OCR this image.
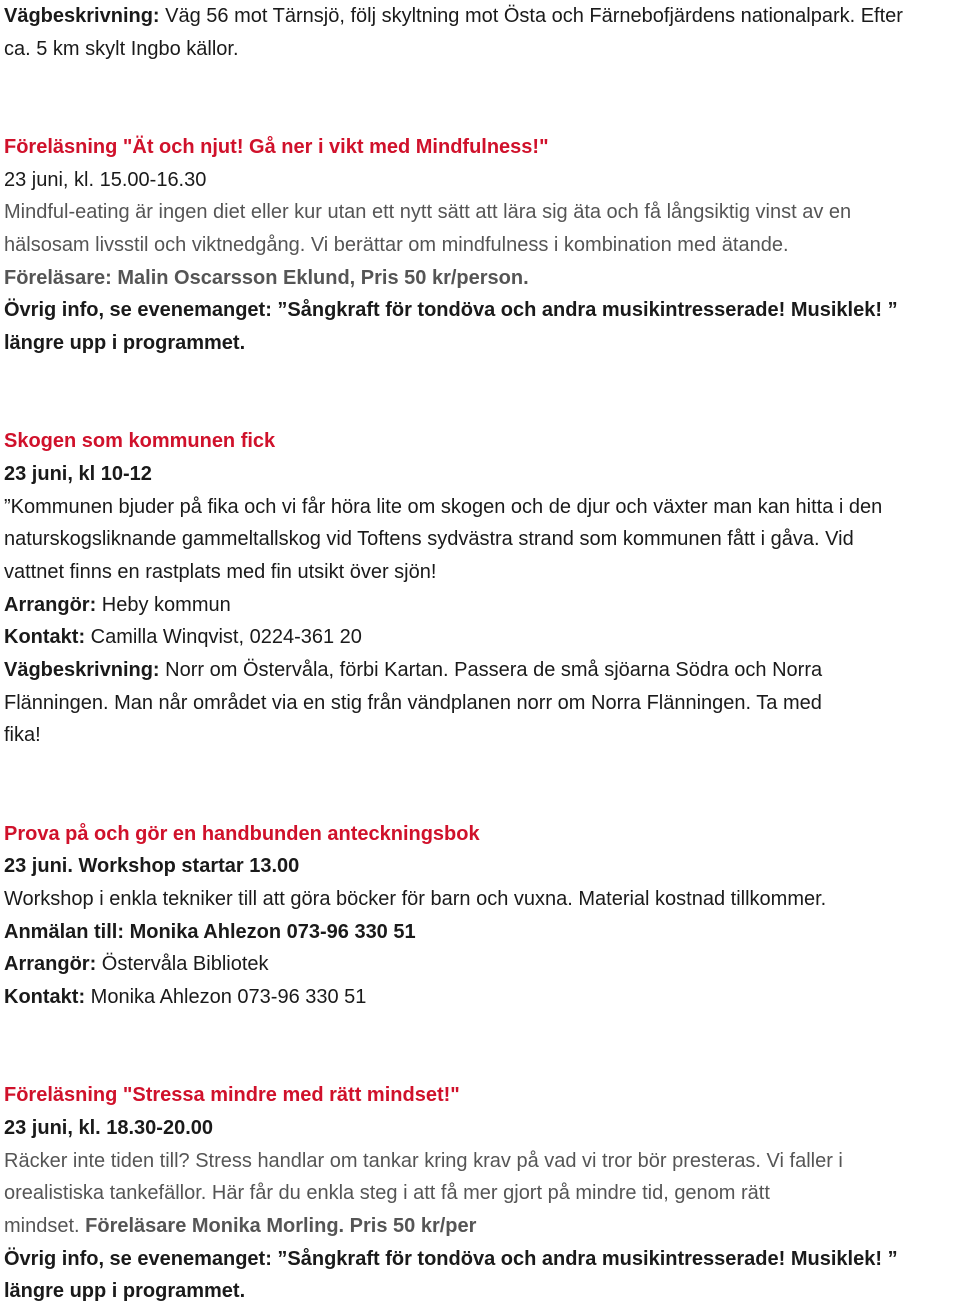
Vägbeskrivning: Väg 56 mot Tärnsjö, följ skyltning mot Östa och Färnebofjärdens nationalpark. Efter
ca. 5 km skylt Ingbo källor.
Föreläsning "Ät och njut! Gå ner i vikt med Mindfulness!"
23 juni, kl. 15.00-16.30
Mindful-eating är ingen diet eller kur utan ett nytt sätt att lära sig äta och få långsiktig vinst av en
hälsosam livsstil och viktnedgång. Vi berättar om mindfulness i kombination med ätande.
Föreläsare: Malin Oscarsson Eklund, Pris 50 kr/person.
Övrig info, se evenemanget: ”Sångkraft för tondöva och andra musikintresserade! Musiklek! ”
längre upp i programmet.
Skogen som kommunen fick
23 juni, kl 10-12
”Kommunen bjuder på fika och vi får höra lite om skogen och de djur och växter man kan hitta i den
naturskogsliknande gammeltallskog vid Toftens sydvästra strand som kommunen fått i gåva. Vid
vattnet finns en rastplats med fin utsikt över sjön!
Arrangör: Heby kommun
Kontakt: Camilla Winqvist, 0224-361 20
Vägbeskrivning: Norr om Östervåla, förbi Kartan. Passera de små sjöarna Södra och Norra
Flänningen. Man når området via en stig från vändplanen norr om Norra Flänningen. Ta med
fika!
Prova på och gör en handbunden anteckningsbok
23 juni. Workshop startar 13.00
Workshop i enkla tekniker till att göra böcker för barn och vuxna. Material kostnad tillkommer.
Anmälan till: Monika Ahlezon 073-96 330 51
Arrangör: Östervåla Bibliotek
Kontakt: Monika Ahlezon 073-96 330 51
Föreläsning "Stressa mindre med rätt mindset!"
23 juni, kl. 18.30-20.00
Räcker inte tiden till? Stress handlar om tankar kring krav på vad vi tror bör presteras. Vi faller i
orealistiska tankefällor. Här får du enkla steg i att få mer gjort på mindre tid, genom rätt
mindset. Föreläsare Monika Morling. Pris 50 kr/per
Övrig info, se evenemanget: ”Sångkraft för tondöva och andra musikintresserade! Musiklek! ”
längre upp i programmet.
